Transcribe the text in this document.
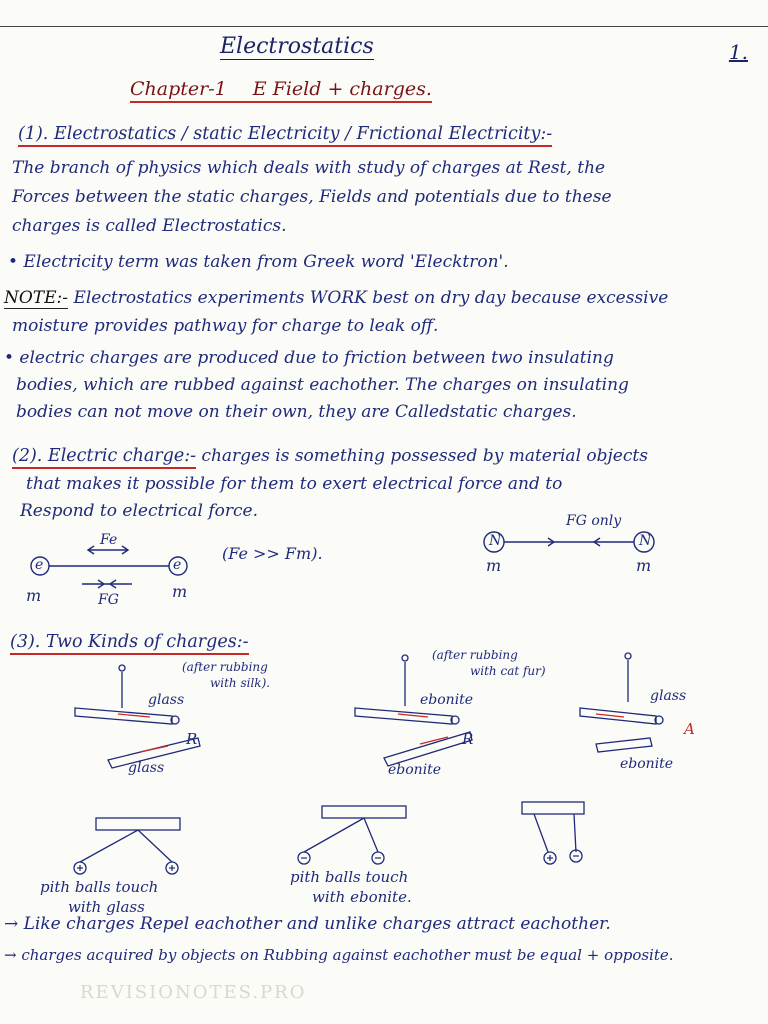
Electrostatics	1.
Chapter-1 E Field + charges.
(1). Electrostatics / static Electricity / Frictional Electricity:-
The branch of physics which deals with study of charges at Rest, the
Forces between the static charges, Fields and potentials due to these
charges is called Electrostatics.
• Electricity term was taken from Greek word 'Elecktron'.
NOTE:- Electrostatics experiments WORK best on dry day because excessive
moisture provides pathway for charge to leak off.
• electric charges are produced due to friction between two insulating
bodies, which are rubbed against eachother. The charges on insulating
bodies can not move on their own, they are Calledstatic charges.
(2). Electric charge:- charges is something possessed by material objects
that makes it possible for them to exert electrical force and to
Respond to electrical force.
e	e
Fe
FG
m	m
(Fe >> Fm).
N	N
FG only
m	m
(3). Two Kinds of charges:-
(after rubbing
with silk).
(after rubbing
with cat fur)
glass
glass
R
ebonite
ebonite
R
glass
ebonite
A
pith balls touch
with glass
pith balls touch
with ebonite.
→ Like charges Repel eachother and unlike charges attract eachother.
→ charges acquired by objects on Rubbing against eachother must be equal + opposite.
REVISIONOTES.PRO
